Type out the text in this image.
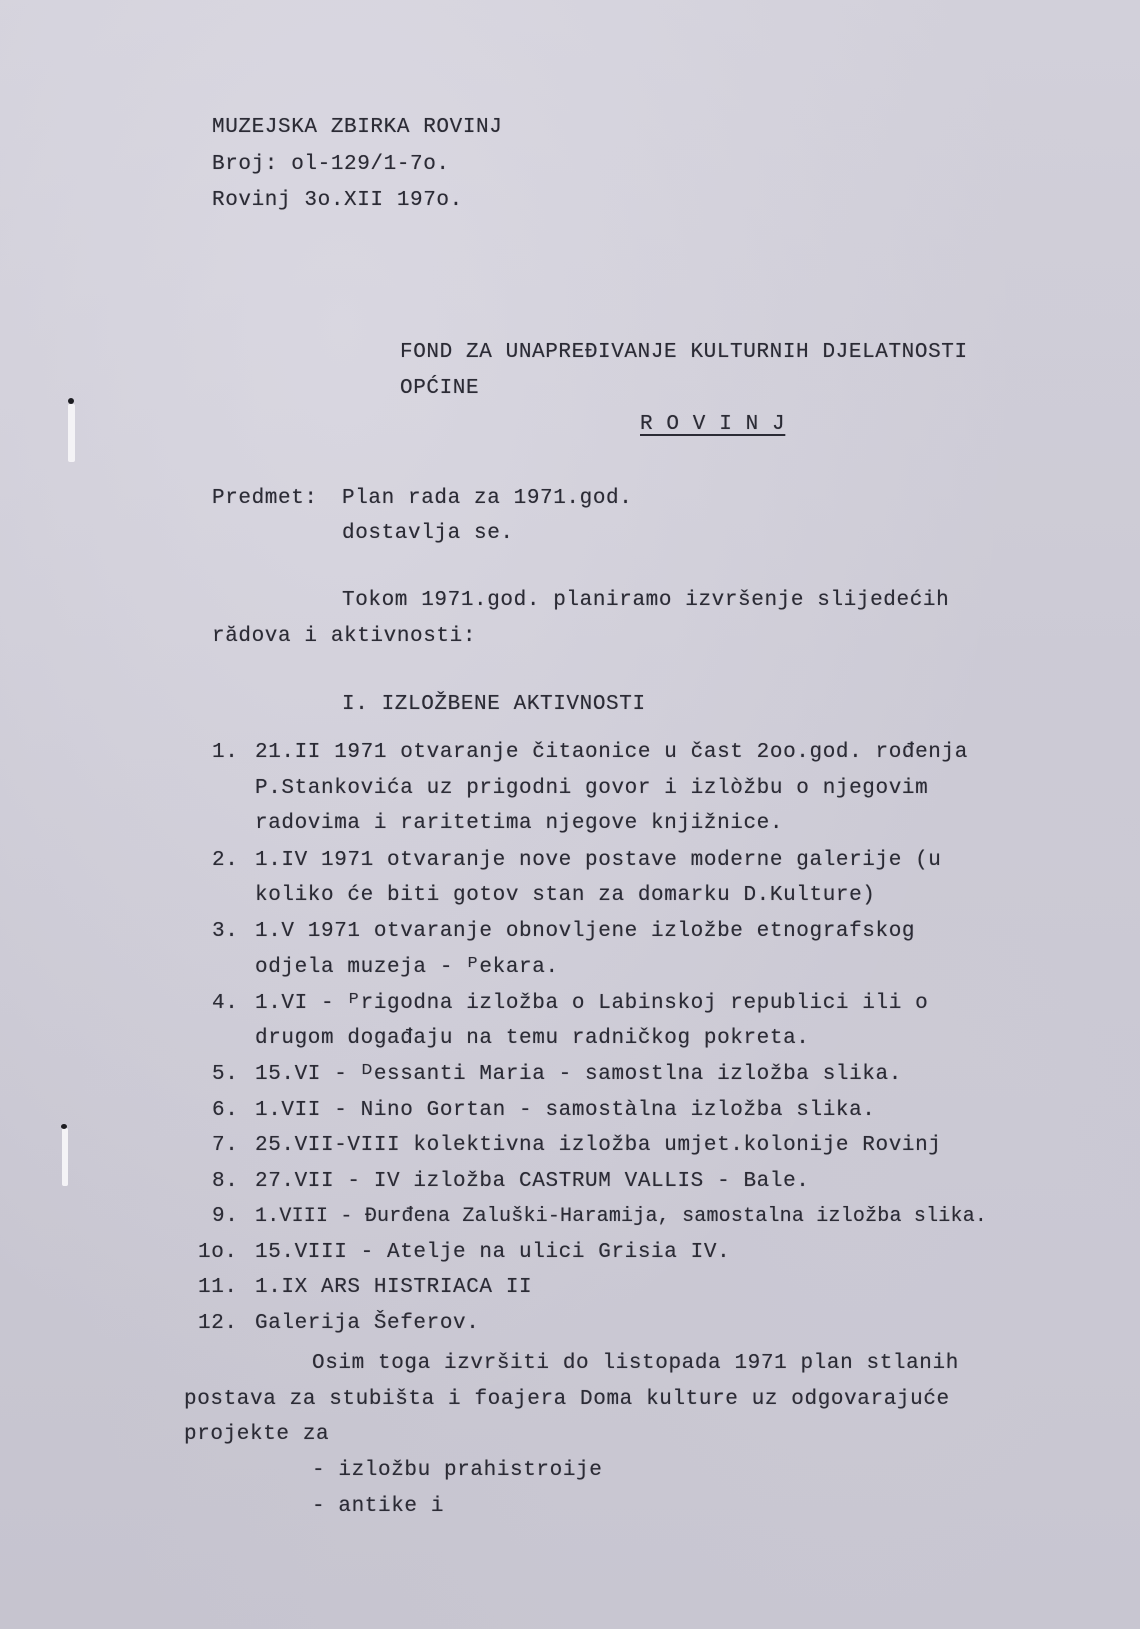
MUZEJSKA ZBIRKA ROVINJ
Broj: ol-129/1-7o.
Rovinj 3o.XII 197o.
FOND ZA UNAPREĐIVANJE KULTURNIH DJELATNOSTI
OPĆINE
R O V I N J
Predmet: Plan rada za 1971.god.
dostavlja se.
Tokom 1971.god. planiramo izvršenje slijedećih
rădova i aktivnosti:
I. IZLOŽBENE AKTIVNOSTI
1. 21.II 1971 otvaranje čitaonice u čast 2oo.god. rođenja
P.Stankovića uz prigodni govor i izlòžbu o njegovim
radovima i raritetima njegove knjižnice.
2. 1.IV 1971 otvaranje nove postave moderne galerije (u
koliko će biti gotov stan za domarku D.Kulture)
3. 1.V 1971 otvaranje obnovljene izložbe etnografskog
odjela muzeja - ᴾekara.
4. 1.VI - ᴾrigodna izložba o Labinskoj republici ili o
drugom događaju na temu radničkog pokreta.
5. 15.VI - ᴰessanti Maria - samostlna izložba slika.
6. 1.VII - Nino Gortan - samostàlna izložba slika.
7. 25.VII-VIII kolektivna izložba umjet.kolonije Rovinj
8. 27.VII - IV izložba CASTRUM VALLIS - Bale.
9. 1.VIII - Đurđena Zaluški-Haramija, samostalna izložba slika.
1o. 15.VIII - Atelje na ulici Grisia IV.
11. 1.IX ARS HISTRIACA II
12. Galerija Šeferov.
Osim toga izvršiti do listopada 1971 plan stlanih
postava za stubišta i foajera Doma kulture uz odgovarajuće
projekte za
- izložbu prahistroije
- antike i
